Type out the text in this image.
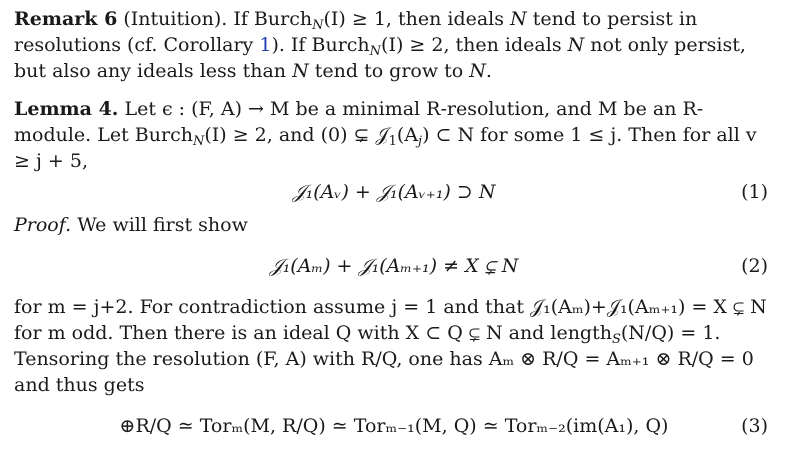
Remark 6 (Intuition). If Burch$_N$(I) ≥ 1, then ideals N tend to persist in resolutions (cf. Corollary 1). If Burch$_N$(I) ≥ 2, then ideals N not only persist, but also any ideals less than N tend to grow to N.

Lemma 4. Let ϵ : (F, A) → M be a minimal R-resolution, and M be an R-module. Let Burch$_N$(I) ≥ 2, and (0) ⊊ $𝒥_1(A_j)$ ⊂ N for some 1 ≤ j. Then for all v ≥ j + 5,

𝒥₁(Aᵥ) + 𝒥₁(Aᵥ₊₁) ⊃ N	(1)

Proof. We will first show

𝒥₁(Aₘ) + 𝒥₁(Aₘ₊₁) ≠ X ⊊ N	(2)

for m = j+2. For contradiction assume j = 1 and that 𝒥₁(Aₘ)+𝒥₁(Aₘ₊₁) = X ⊊ N for m odd. Then there is an ideal Q with X ⊂ Q ⊊ N and length$_S$(N/Q) = 1. Tensoring the resolution (F, A) with R/Q, one has Aₘ ⊗ R/Q = Aₘ₊₁ ⊗ R/Q = 0 and thus gets

⊕R/Q ≃ Torₘ(M, R/Q) ≃ Torₘ₋₁(M, Q) ≃ Torₘ₋₂(im(A₁), Q)	(3)
